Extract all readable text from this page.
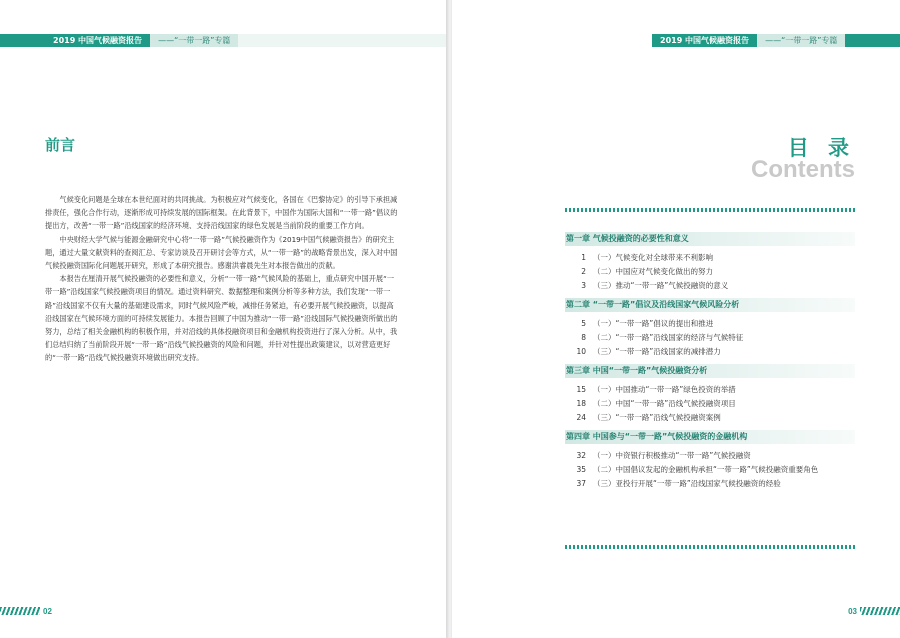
2019 中国气候融资报告	——“一带一路”专篇
前言

气候变化问题是全球在本世纪面对的共同挑战。为积极应对气候变化，各国在《巴黎协定》的引导下承担减排责任，强化合作行动，逐渐形成可持续发展的国际框架。在此背景下，中国作为国际大国和“一带一路”倡议的提出方，改善“一带一路”沿线国家的经济环境、支持沿线国家的绿色发展是当前阶段的重要工作方向。

中央财经大学气候与能源金融研究中心将“一带一路”气候投融资作为《2019中国气候融资报告》的研究主题，通过大量文献资料的查阅汇总、专家访谈及召开研讨会等方式，从“一带一路”的战略背景出发，深入对中国气候投融资国际化问题展开研究，形成了本研究报告。感谢洪睿晨先生对本报告做出的贡献。

本报告在厘清开展气候投融资的必要性和意义，分析“一带一路”气候风险的基础上，重点研究中国开展“一带一路”沿线国家气候投融资项目的情况。通过资料研究、数据整理和案例分析等多种方法，我们发现“一带一路”沿线国家不仅有大量的基础建设需求，同时气候风险严峻，减排任务紧迫，有必要开展气候投融资，以提高沿线国家在气候环境方面的可持续发展能力。本报告回顾了中国为推动“一带一路”沿线国际气候投融资所做出的努力，总结了相关金融机构的积极作用，并对沿线的具体投融资项目和金融机构投资进行了深入分析。从中，我们总结归纳了当前阶段开展“一带一路”沿线气候投融资的风险和问题，并针对性提出政策建议，以对营造更好的“一带一路”沿线气候投融资环境做出研究支持。

02
2019 中国气候融资报告	——“一带一路”专篇
目 录
Contents
第一章 气候投融资的必要性和意义
1 （一）气候变化对全球带来不利影响
2 （二）中国应对气候变化做出的努力
3 （三）推动“一带一路”气候投融资的意义
第二章 “一带一路”倡议及沿线国家气候风险分析
5 （一）“一带一路”倡议的提出和推进
8 （二）“一带一路”沿线国家的经济与气候特征
10 （三）“一带一路”沿线国家的减排潜力
第三章 中国“一带一路”气候投融资分析
15 （一）中国推动“一带一路”绿色投资的举措
18 （二）中国“一带一路”沿线气候投融资项目
24 （三）“一带一路”沿线气候投融资案例
第四章 中国参与“一带一路”气候投融资的金融机构
32 （一）中资银行积极推动“一带一路”气候投融资
35 （二）中国倡议发起的金融机构承担“一带一路”气候投融资重要角色
37 （三）亚投行开展“一带一路”沿线国家气候投融资的经验
03
